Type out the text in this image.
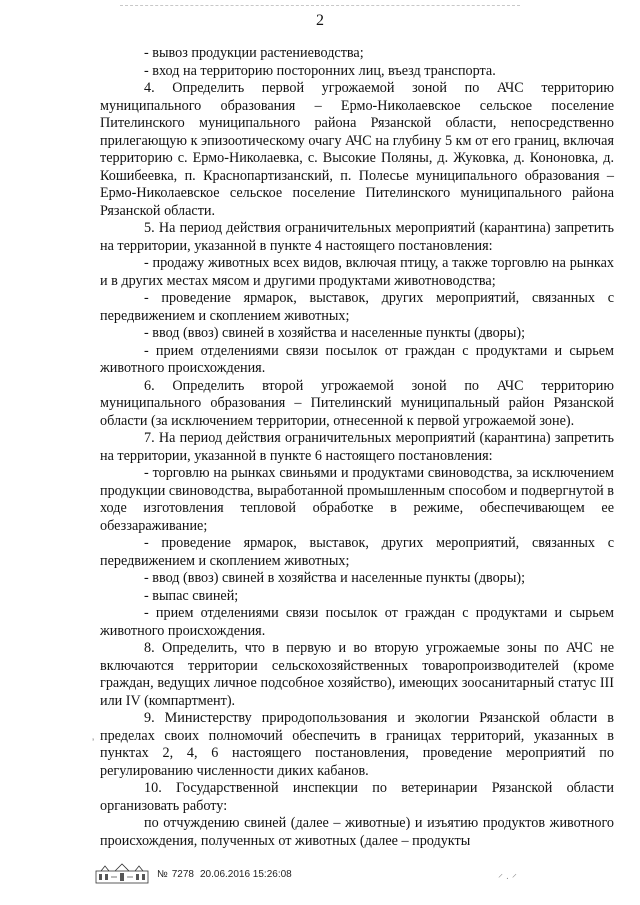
2

- вывоз продукции растениеводства;

- вход на территорию посторонних лиц, въезд транспорта.

4. Определить первой угрожаемой зоной по АЧС территорию муниципального образования – Ермо-Николаевское сельское поселение Пителинского муниципального района Рязанской области, непосредственно прилегающую к эпизоотическому очагу АЧС на глубину 5 км от его границ, включая территорию с. Ермо-Николаевка, с. Высокие Поляны, д. Жуковка, д. Кононовка, д. Кошибеевка, п. Краснопартизанский, п. Полесье муниципального образования – Ермо-Николаевское сельское поселение Пителинского муниципального района Рязанской области.

5. На период действия ограничительных мероприятий (карантина) запретить на территории, указанной в пункте 4 настоящего постановления:

- продажу животных всех видов, включая птицу, а также торговлю на рынках и в других местах мясом и другими продуктами животноводства;

- проведение ярмарок, выставок, других мероприятий, связанных с передвижением и скоплением животных;

- ввод (ввоз) свиней в хозяйства и населенные пункты (дворы);

- прием отделениями связи посылок от граждан с продуктами и сырьем животного происхождения.

6. Определить второй угрожаемой зоной по АЧС территорию муниципального образования – Пителинский муниципальный район Рязанской области (за исключением территории, отнесенной к первой угрожаемой зоне).

7. На период действия ограничительных мероприятий (карантина) запретить на территории, указанной в пункте 6 настоящего постановления:

- торговлю на рынках свиньями и продуктами свиноводства, за исключением продукции свиноводства, выработанной промышленным способом и подвергнутой в ходе изготовления тепловой обработке в режиме, обеспечивающем ее обеззараживание;

- проведение ярмарок, выставок, других мероприятий, связанных с передвижением и скоплением животных;

- ввод (ввоз) свиней в хозяйства и населенные пункты (дворы);

- выпас свиней;

- прием отделениями связи посылок от граждан с продуктами и сырьем животного происхождения.

8. Определить, что в первую и во вторую угрожаемые зоны по АЧС не включаются территории сельскохозяйственных товаропроизводителей (кроме граждан, ведущих личное подсобное хозяйство), имеющих зоосанитарный статус III или IV (компартмент).

9. Министерству природопользования и экологии Рязанской области в пределах своих полномочий обеспечить в границах территорий, указанных в пунктах 2, 4, 6 настоящего постановления, проведение мероприятий по регулированию численности диких кабанов.

10. Государственной инспекции по ветеринарии Рязанской области организовать работу:

по отчуждению свиней (далее – животные) и изъятию продуктов животного происхождения, полученных от животных (далее – продукты

ʼ
№ 7278 20.06.2016 15:26:08	⸍ · ⸍
